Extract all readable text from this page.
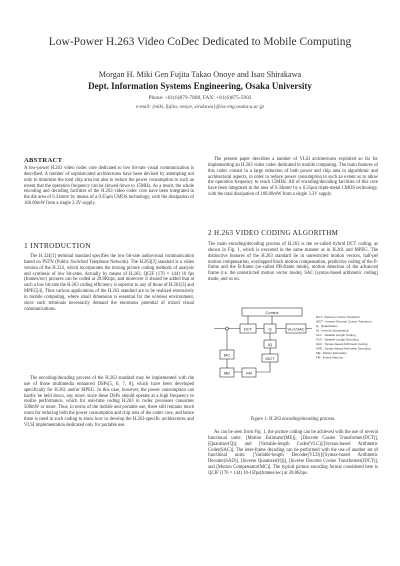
Low-Power H.263 Video CoDec Dedicated to Mobile Computing
Morgan H. Miki Gen Fujita Takao Onoye and Isao Shirakawa
Dept. Information Systems Engineering, Osaka University
Phone: +81(6)879-7808, FAX: +81(6)875-5902
e-mail: {miki, fujita, onoye, sirakawa}@ise.eng.osaka-u.ac.jp
ABSTRACT
A low-power H.263 video codec core dedicated to low bit-rate visual communication is described. A number of sophisticated architectures have been devised by attempting not only to minimize the total chip area but also to reduce the power consumption to such an extent that the operation frequency can be slowed down to 15MHz. As a result, the whole encoding and decoding facilities of the H.263 video codec core have been integrated in the die area of 6.34mm² by means of a 0.35μm CMOS technology, with the dissipation of 166.60mW from a single 3.3V supply.
1 INTRODUCTION
The H.324[1] terminal standard specifies the low bit-rate audiovisual communication based on PSTN (Public Switched Telephone Network). The H.263[2] standard is a video version of the H.324, which incorporates the mixing picture coding methods of analysis and synthesis of low bit-rates. Actually by means of H.263, QCIF (176 × 144) 10 fps (frames/sec) pictures can be coded at 28.8Kbps, and moreover it should be added that at such a low bit-rate the H.263 coding efficiency is superior to any of those of H.261[3] and MPEG[4]. Thus various applications of the H.263 standard are to be realized extensively in mobile computing, where small dimension is essential for the wireless environment, since such terminals necessarily demand the enormous potential of mixed visual communications.
The encoding/decoding process of the H.263 standard may be implemented with the use of those multimedia enhanced DSPs[5, 6, 7, 8], which have been developed specifically for H.261 and/or MPEG. In this case, however, the power consumption can hardly be held down, any more, since these DSPs should operate at a high frequency to realize performance, which for real-time coding H.263 in codec processes consumes 500mW or more. Thus, in terms of the mobile and portable use, there still remains much room for reducing both the power consumption and chip area of the codec core, and hence there is need in such coding to show how to develop the H.263-specific architectures and VLSI implementation dedicated only for portable use.
The present paper describes a number of VLSI architectures exploited so far for implementing an H.263 video codec dedicated to mobile computing. The main features of this codec consist in a large reduction of both power and chip area in algorithmic and architectural aspects, in order to reduce power consumption to such an extent as to allow the operation frequency to reach 15MHz. All of encoding/decoding facilities of this core have been integrated in the area of 6.34mm² by a 0.35μm triple-metal CMOS technology, with the total dissipation of 166.60mW from a single 3.3V supply.
2 H.263 VIDEO CODING ALGORITHM
The main encoding/decoding process of H.263 is the so-called hybrid DCT coding, as shown in Fig. 1, which is executed in the same manner as in H.261 and MPEG. The distinctive features of the H.263 standard lie in unrestricted motion vectors, half-pel motion compensation, overlapped block motion compensation, predictive coding of the P-frame and the B-frame (so-called PB-frame mode), motion detection of the advanced frame (i.e. the unrestricted motion vector mode), SAC (syntax-based arithmetic coding) mode, and so on.
Control
DCT	Q	VLC/SAC
IQ
IDCT
FM
ME
MC
DCT : Discrete Cosine Transform
IDCT : Inverse Discrete Cosine Transform
Q : Quantization
IQ : Inverse Quantization
VLC : Variable Length Coding
VLD : Variable Length Decoding
SAC : Syntax-based Arithmetic Coding
SAD : Syntax-based Arithmetic Decoding
ME : Motion Estimation
FM : Frame Memory
Figure 1: H.263 encoding/decoding process.
As can be seen from Fig. 1, the picture coding can be achieved with the use of several functional units: [Motion Estimator(ME)], [Discrete Cosine Transformer(DCT)], [Quantizer(Q)], and [Variable-length Coder(VLC)]/[Syntax-based Arithmetic Coder(SAC)]. The inter-frame decoding can be performed with the use of another set of functional units: [Variable-length Decoder(VLD)]/[Syntax-based Arithmetic Decoder(SAD)], [Inverse Quantizer(IQ)], [Inverse Discrete Cosine Transformer(IDCT)], and [Motion Compensator(MC)]. The typical picture encoding format considered here is QCIF (176 × 144) 10-15fps(frames/sec) at 28.8Kbps.
